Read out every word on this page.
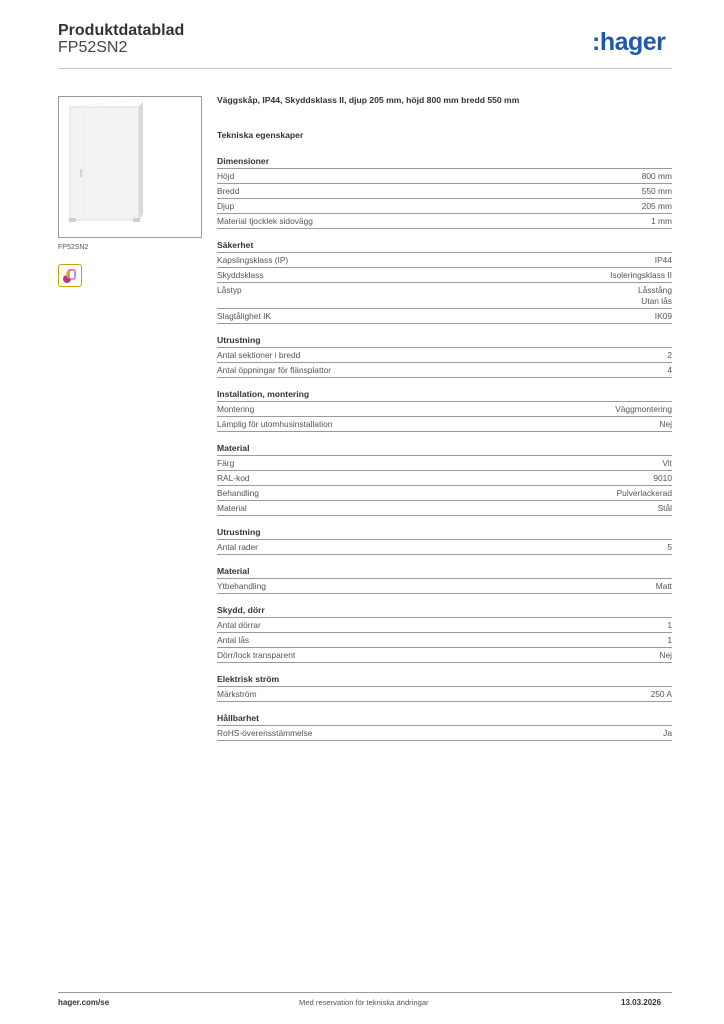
Produktdatablad
FP52SN2	:hager
FP52SN2
Väggskåp, IP44, Skyddsklass II, djup 205 mm, höjd 800 mm bredd 550 mm
Tekniska egenskaper
Dimensioner
Höjd	800 mm
Bredd	550 mm
Djup	205 mm
Material tjocklek sidovägg	1 mm
Säkerhet
Kapslingsklass (IP)	IP44
Skyddsklass	Isoleringsklass II
Låstyp	Låsstång
Utan lås
Slagtålighet IK	IK09
Utrustning
Antal sektioner i bredd	2
Antal öppningar för flänsplattor	4
Installation, montering
Montering	Väggmontering
Lämplig för utomhusinstallation	Nej
Material
Färg	Vit
RAL-kod	9010
Behandling	Pulverlackerad
Material	Stål
Utrustning
Antal rader	5
Material
Ytbehandling	Matt
Skydd, dörr
Antal dörrar	1
Antal lås	1
Dörr/lock transparent	Nej
Elektrisk ström
Märkström	250 A
Hållbarhet
RoHS-överensstämmelse	Ja
hager.com/se	Med reservation för tekniska ändringar	13.03.2026
